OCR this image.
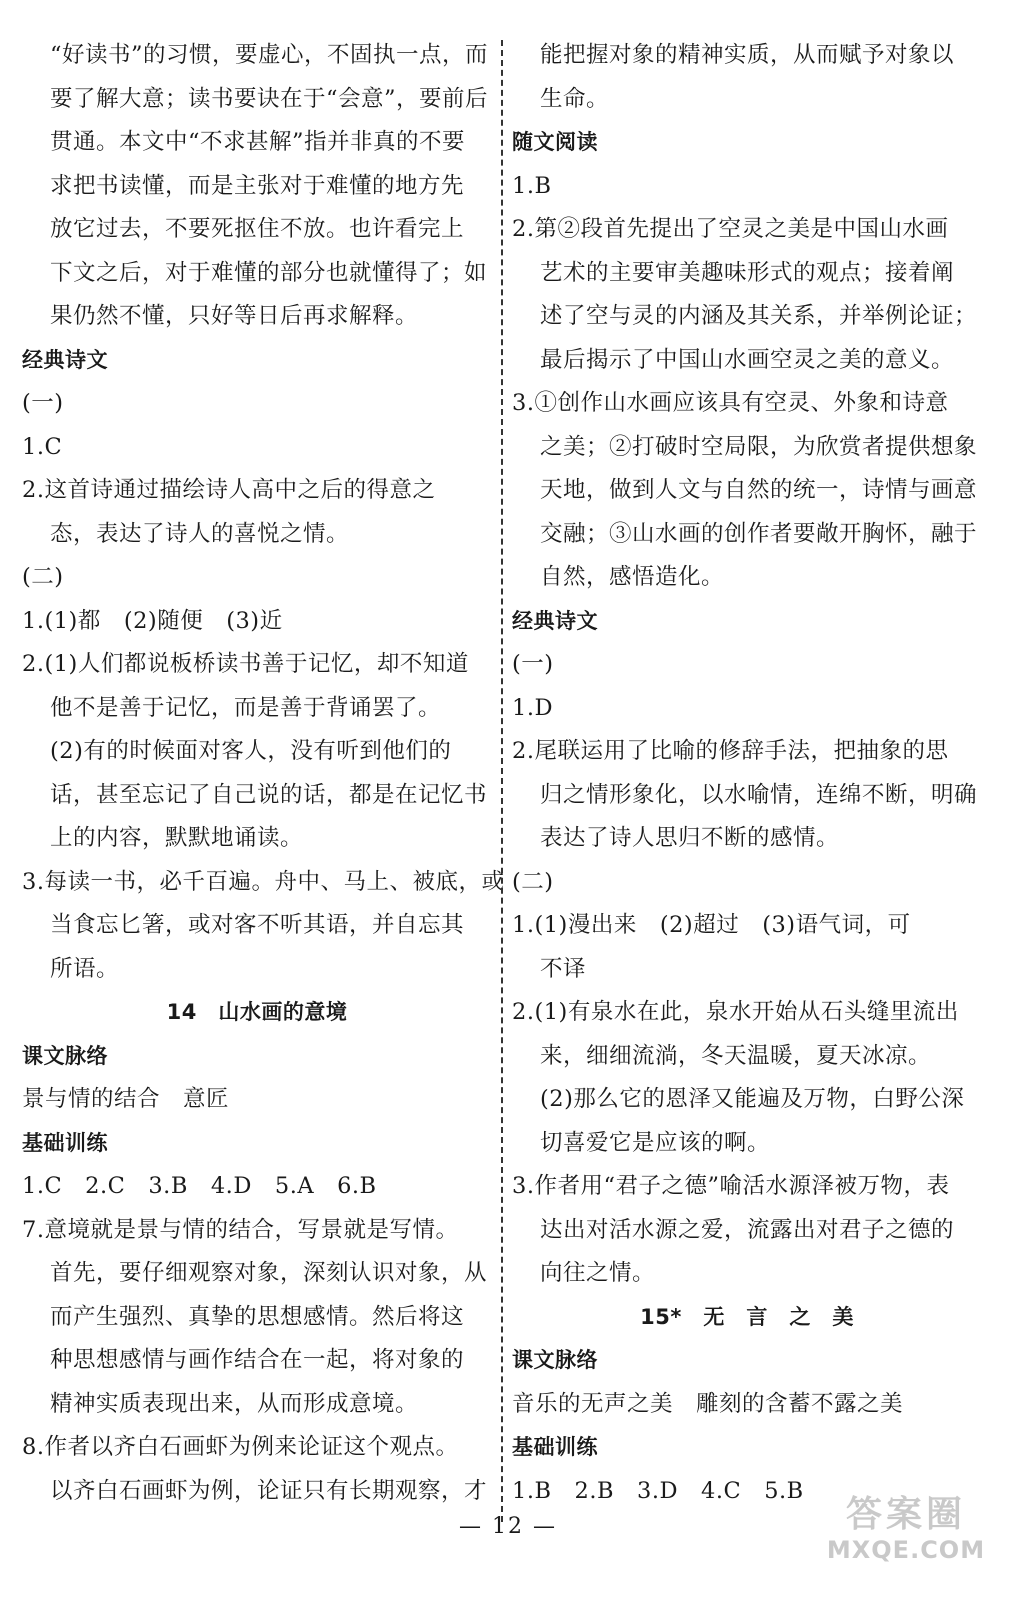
“好读书”的习惯，要虚心，不固执一点，而
要了解大意；读书要诀在于“会意”，要前后
贯通。本文中“不求甚解”指并非真的不要
求把书读懂，而是主张对于难懂的地方先
放它过去，不要死抠住不放。也许看完上
下文之后，对于难懂的部分也就懂得了；如
果仍然不懂，只好等日后再求解释。
经典诗文
(一)
1.C
2.这首诗通过描绘诗人高中之后的得意之
态，表达了诗人的喜悦之情。
(二)
1.(1)都　(2)随便　(3)近
2.(1)人们都说板桥读书善于记忆，却不知道
他不是善于记忆，而是善于背诵罢了。
(2)有的时候面对客人，没有听到他们的
话，甚至忘记了自己说的话，都是在记忆书
上的内容，默默地诵读。
3.每读一书，必千百遍。舟中、马上、被底，或
当食忘匕箸，或对客不听其语，并自忘其
所语。
14　山水画的意境
课文脉络
景与情的结合　意匠
基础训练
1.C　2.C　3.B　4.D　5.A　6.B
7.意境就是景与情的结合，写景就是写情。
首先，要仔细观察对象，深刻认识对象，从
而产生强烈、真挚的思想感情。然后将这
种思想感情与画作结合在一起，将对象的
精神实质表现出来，从而形成意境。
8.作者以齐白石画虾为例来论证这个观点。
以齐白石画虾为例，论证只有长期观察，才
能把握对象的精神实质，从而赋予对象以
生命。
随文阅读
1.B
2.第②段首先提出了空灵之美是中国山水画
艺术的主要审美趣味形式的观点；接着阐
述了空与灵的内涵及其关系，并举例论证；
最后揭示了中国山水画空灵之美的意义。
3.①创作山水画应该具有空灵、外象和诗意
之美；②打破时空局限，为欣赏者提供想象
天地，做到人文与自然的统一，诗情与画意
交融；③山水画的创作者要敞开胸怀，融于
自然，感悟造化。
经典诗文
(一)
1.D
2.尾联运用了比喻的修辞手法，把抽象的思
归之情形象化，以水喻情，连绵不断，明确
表达了诗人思归不断的感情。
(二)
1.(1)漫出来　(2)超过　(3)语气词，可
不译
2.(1)有泉水在此，泉水开始从石头缝里流出
来，细细流淌，冬天温暖，夏天冰凉。
(2)那么它的恩泽又能遍及万物，白野公深
切喜爱它是应该的啊。
3.作者用“君子之德”喻活水源泽被万物，表
达出对活水源之爱，流露出对君子之德的
向往之情。
15*　无　言　之　美
课文脉络
音乐的无声之美　雕刻的含蓄不露之美
基础训练
1.B　2.B　3.D　4.C　5.B
— 12 —	答案圈
MXQE.COM
